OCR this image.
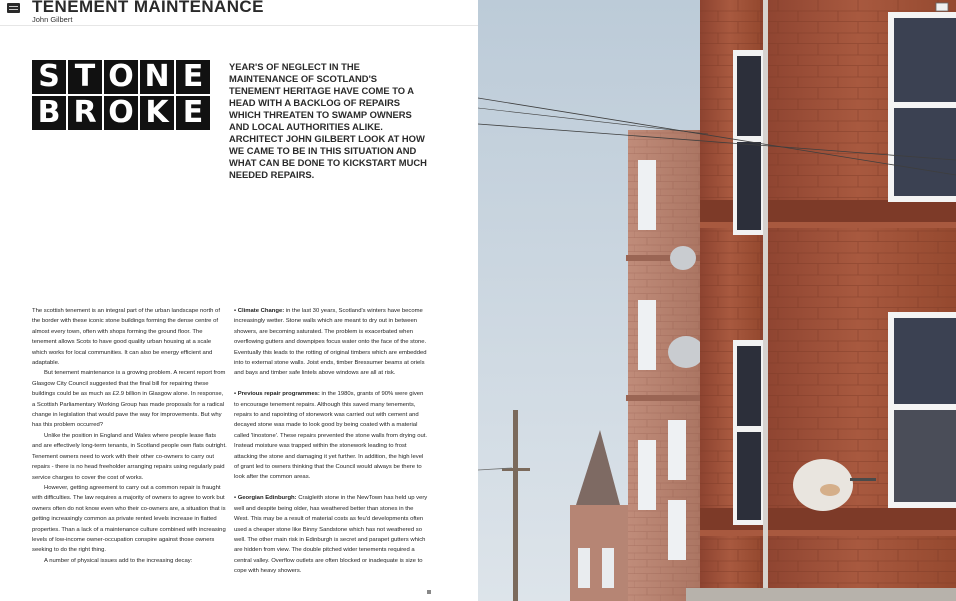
TENEMENT MAINTENANCE
John Gilbert
S T O N E
B R O K E
YEAR'S OF NEGLECT IN THE MAINTENANCE OF SCOTLAND'S TENEMENT HERITAGE HAVE COME TO A HEAD WITH A BACKLOG OF REPAIRS WHICH THREATEN TO SWAMP OWNERS AND LOCAL AUTHORITIES ALIKE. ARCHITECT JOHN GILBERT LOOK AT HOW WE CAME TO BE IN THIS SITUATION AND WHAT CAN BE DONE TO KICKSTART MUCH NEEDED REPAIRS.

The scottish tenement is an integral part of the urban landscape north of the border with these iconic stone buildings forming the dense centre of almost every town, often with shops forming the ground floor. The tenement allows Scots to have good quality urban housing at a scale which works for local communities. It can also be energy efficient and adaptable.

But tenement maintenance is a growing problem. A recent report from Glasgow City Council suggested that the final bill for repairing these buildings could be as much as £2.9 billion in Glasgow alone. In response, a Scottish Parliamentary Working Group has made proposals for a radical change in legislation that would pave the way for improvements. But why has this problem occurred?

Unlike the position in England and Wales where people lease flats and are effectively long-term tenants, in Scotland people own flats outright. Tenement owners need to work with their other co-owners to carry out repairs - there is no head freeholder arranging repairs using regularly paid service charges to cover the cost of works.

However, getting agreement to carry out a common repair is fraught with difficulties. The law requires a majority of owners to agree to work but owners often do not know even who their co-owners are, a situation that is getting increasingly common as private rented levels increase in flatted properties. Than a lack of a maintenance culture combined with increasing levels of low-income owner-occupation conspire against those owners seeking to do the right thing.

A number of physical issues add to the increasing decay:

• Climate Change: in the last 30 years, Scotland's winters have become increasingly wetter. Stone walls which are meant to dry out in between showers, are becoming saturated. The problem is exacerbated when overflowing gutters and downpipes focus water onto the face of the stone. Eventually this leads to the rotting of original timbers which are embedded into to external stone walls. Joist ends, timber Bressumer beams at oriels and bays and timber safe lintels above windows are all at risk.

• Previous repair programmes: in the 1980s, grants of 90% were given to encourage tenement repairs. Although this saved many tenements, repairs to and rapointing of stonework was carried out with cement and decayed stone was made to look good by being coated with a material called 'linostone'. These repairs prevented the stone walls from drying out. Instead moisture was trapped within the stonework leading to frost attacking the stone and damaging it yet further. In addition, the high level of grant led to owners thinking that the Council would always be there to look after the common areas.

• Georgian Edinburgh: Craigleith stone in the NewTown has held up very well and despite being older, has weathered better than stones in the West. This may be a result of material costs as feu'd developments often used a cheaper stone like Binny Sandstone which has not weathered so well. The other main risk in Edinburgh is secret and parapet gutters which are hidden from view. The double pitched wider tenements required a central valley. Overflow outlets are often blocked or inadequate is size to cope with heavy showers.
